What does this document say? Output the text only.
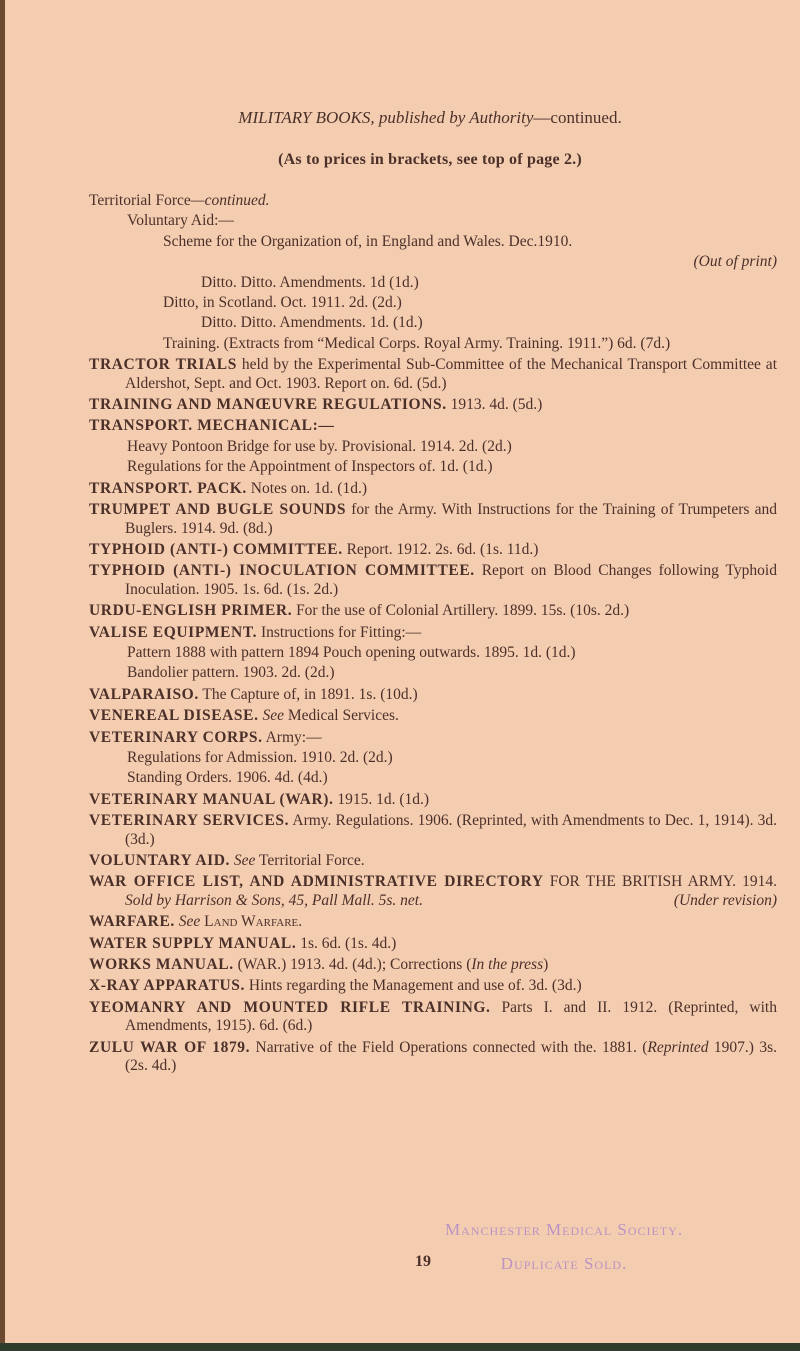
MILITARY BOOKS, published by Authority—continued.
(As to prices in brackets, see top of page 2.)
Territorial Force—continued.
Voluntary Aid:—
Scheme for the Organization of, in England and Wales. Dec.1910.
(Out of print)
Ditto. Ditto. Amendments. 1d (1d.)
Ditto, in Scotland. Oct. 1911. 2d. (2d.)
Ditto. Ditto. Amendments. 1d. (1d.)
Training. (Extracts from “Medical Corps. Royal Army. Training. 1911.”) 6d. (7d.)
TRACTOR TRIALS held by the Experimental Sub-Committee of the Mechanical Transport Committee at Aldershot, Sept. and Oct. 1903. Report on. 6d. (5d.)
TRAINING AND MANŒUVRE REGULATIONS. 1913. 4d. (5d.)
TRANSPORT. MECHANICAL:—
Heavy Pontoon Bridge for use by. Provisional. 1914. 2d. (2d.)
Regulations for the Appointment of Inspectors of. 1d. (1d.)
TRANSPORT. PACK. Notes on. 1d. (1d.)
TRUMPET AND BUGLE SOUNDS for the Army. With Instructions for the Training of Trumpeters and Buglers. 1914. 9d. (8d.)
TYPHOID (ANTI-) COMMITTEE. Report. 1912. 2s. 6d. (1s. 11d.)
TYPHOID (ANTI-) INOCULATION COMMITTEE. Report on Blood Changes following Typhoid Inoculation. 1905. 1s. 6d. (1s. 2d.)
URDU-ENGLISH PRIMER. For the use of Colonial Artillery. 1899. 15s. (10s. 2d.)
VALISE EQUIPMENT. Instructions for Fitting:—
Pattern 1888 with pattern 1894 Pouch opening outwards. 1895. 1d. (1d.)
Bandolier pattern. 1903. 2d. (2d.)
VALPARAISO. The Capture of, in 1891. 1s. (10d.)
VENEREAL DISEASE. See Medical Services.
VETERINARY CORPS. Army:—
Regulations for Admission. 1910. 2d. (2d.)
Standing Orders. 1906. 4d. (4d.)
VETERINARY MANUAL (WAR). 1915. 1d. (1d.)
VETERINARY SERVICES. Army. Regulations. 1906. (Reprinted, with Amendments to Dec. 1, 1914). 3d. (3d.)
VOLUNTARY AID. See Territorial Force.
WAR OFFICE LIST, AND ADMINISTRATIVE DIRECTORY FOR THE BRITISH ARMY. 1914. Sold by Harrison & Sons, 45, Pall Mall. 5s. net.	(Under revision)
WARFARE. See Land Warfare.
WATER SUPPLY MANUAL. 1s. 6d. (1s. 4d.)
WORKS MANUAL. (WAR.) 1913. 4d. (4d.); Corrections (In the press)
X-RAY APPARATUS. Hints regarding the Management and use of. 3d. (3d.)
YEOMANRY AND MOUNTED RIFLE TRAINING. Parts I. and II. 1912. (Reprinted, with Amendments, 1915). 6d. (6d.)
ZULU WAR OF 1879. Narrative of the Field Operations connected with the. 1881. (Reprinted 1907.) 3s. (2s. 4d.)
Manchester Medical Society.
Duplicate Sold.
19
